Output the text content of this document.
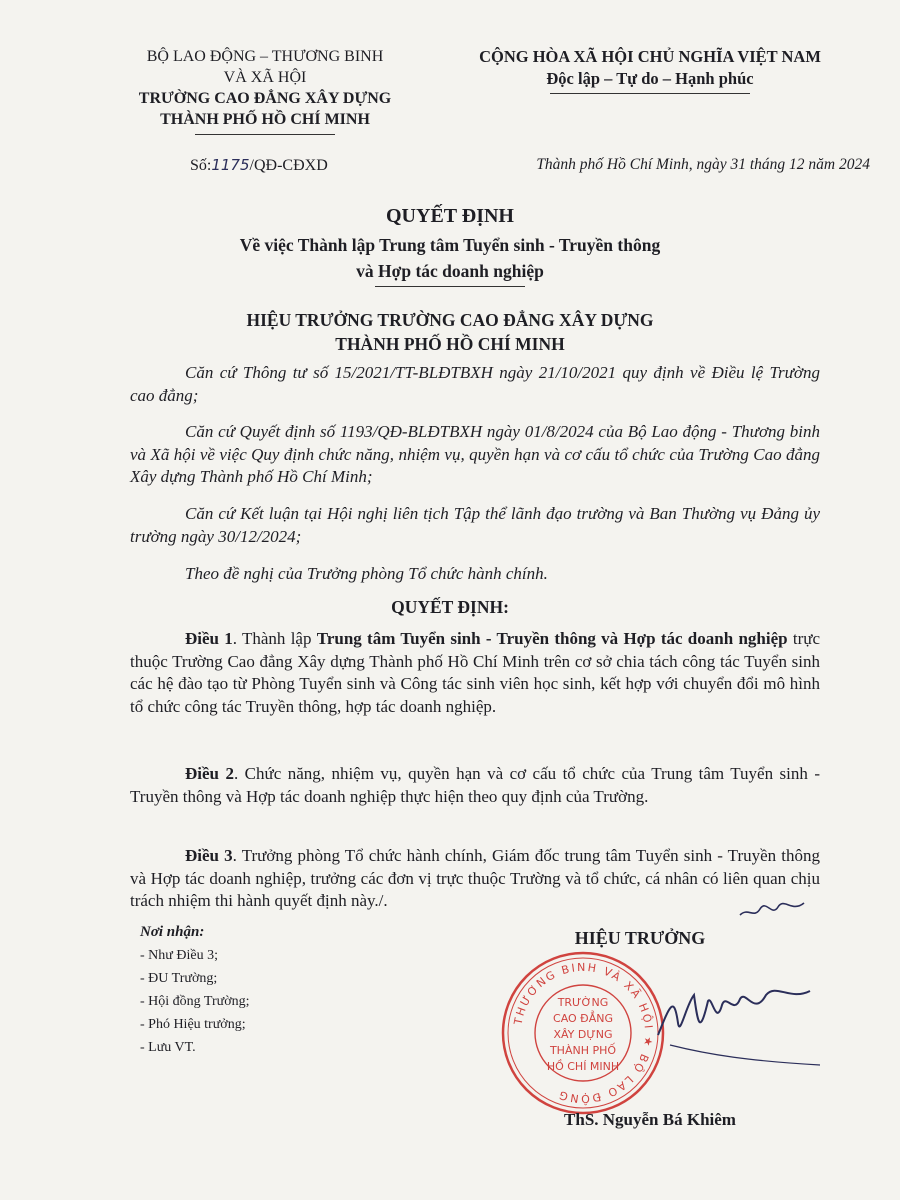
BỘ LAO ĐỘNG – THƯƠNG BINH
VÀ XÃ HỘI
TRƯỜNG CAO ĐẲNG XÂY DỰNG
THÀNH PHỐ HỒ CHÍ MINH
CỘNG HÒA XÃ HỘI CHỦ NGHĨA VIỆT NAM
Độc lập – Tự do – Hạnh phúc
Số:1175/QĐ-CĐXD	Thành phố Hồ Chí Minh, ngày 31 tháng 12 năm 2024
QUYẾT ĐỊNH
Về việc Thành lập Trung tâm Tuyển sinh - Truyền thông
và Hợp tác doanh nghiệp
HIỆU TRƯỞNG TRƯỜNG CAO ĐẲNG XÂY DỰNG
THÀNH PHỐ HỒ CHÍ MINH
Căn cứ Thông tư số 15/2021/TT-BLĐTBXH ngày 21/10/2021 quy định về Điều lệ Trường cao đẳng;
Căn cứ Quyết định số 1193/QĐ-BLĐTBXH ngày 01/8/2024 của Bộ Lao động - Thương binh và Xã hội về việc Quy định chức năng, nhiệm vụ, quyền hạn và cơ cấu tổ chức của Trường Cao đẳng Xây dựng Thành phố Hồ Chí Minh;
Căn cứ Kết luận tại Hội nghị liên tịch Tập thể lãnh đạo trường và Ban Thường vụ Đảng ủy trường ngày 30/12/2024;
Theo đề nghị của Trưởng phòng Tổ chức hành chính.
QUYẾT ĐỊNH:
Điều 1. Thành lập Trung tâm Tuyển sinh - Truyền thông và Hợp tác doanh nghiệp trực thuộc Trường Cao đẳng Xây dựng Thành phố Hồ Chí Minh trên cơ sở chia tách công tác Tuyển sinh các hệ đào tạo từ Phòng Tuyển sinh và Công tác sinh viên học sinh, kết hợp với chuyển đổi mô hình tổ chức công tác Truyền thông, hợp tác doanh nghiệp.
Điều 2. Chức năng, nhiệm vụ, quyền hạn và cơ cấu tổ chức của Trung tâm Tuyển sinh - Truyền thông và Hợp tác doanh nghiệp thực hiện theo quy định của Trường.
Điều 3. Trưởng phòng Tổ chức hành chính, Giám đốc trung tâm Tuyển sinh - Truyền thông và Hợp tác doanh nghiệp, trưởng các đơn vị trực thuộc Trường và tổ chức, cá nhân có liên quan chịu trách nhiệm thi hành quyết định này./.
Nơi nhận:
- Như Điều 3;
- ĐU Trường;
- Hội đồng Trường;
- Phó Hiệu trưởng;
- Lưu VT.
HIỆU TRƯỞNG
THƯƠNG BINH VÀ XÃ HỘI ★ BỘ LAO ĐỘNG
TRƯỜNG
CAO ĐẲNG
XÂY DỰNG
THÀNH PHỐ
HỒ CHÍ MINH
ThS. Nguyễn Bá Khiêm
